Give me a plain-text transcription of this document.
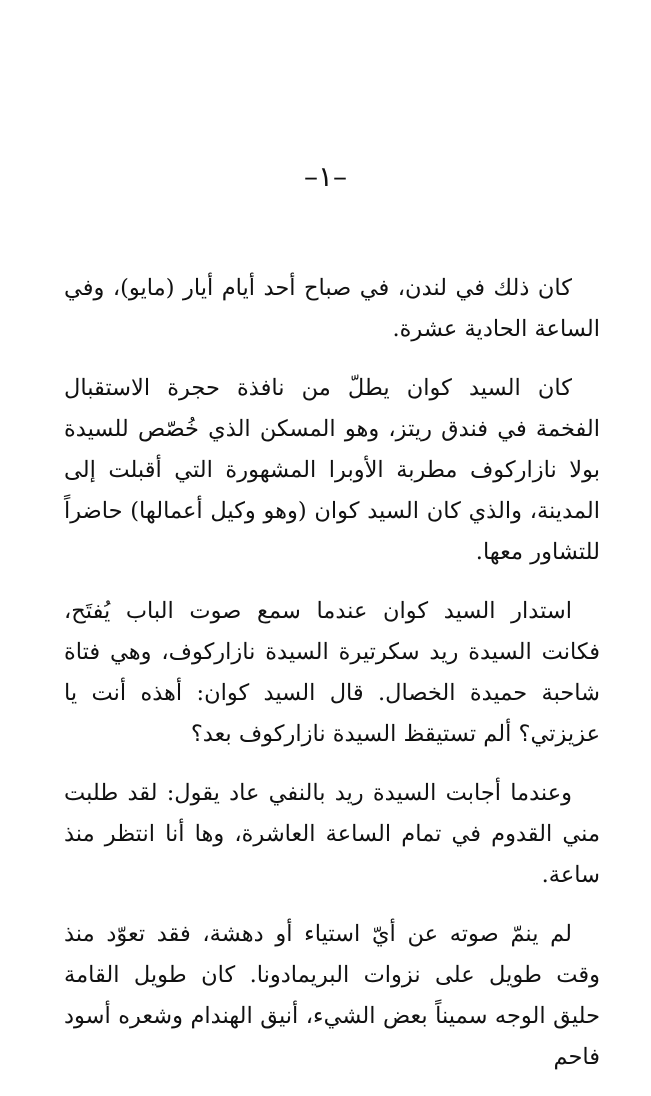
–١–

كان ذلك في لندن، في صباح أحد أيام أيار (مايو)، وفي الساعة الحادية عشرة.

كان السيد كوان يطلّ من نافذة حجرة الاستقبال الفخمة في فندق ريتز، وهو المسكن الذي خُصّص للسيدة بولا نازاركوف مطربة الأوبرا المشهورة التي أقبلت إلى المدينة، والذي كان السيد كوان (وهو وكيل أعمالها) حاضراً للتشاور معها.

استدار السيد كوان عندما سمع صوت الباب يُفتَح، فكانت السيدة ريد سكرتيرة السيدة نازاركوف، وهي فتاة شاحبة حميدة الخصال. قال السيد كوان: أهذه أنت يا عزيزتي؟ ألم تستيقظ السيدة نازاركوف بعد؟

وعندما أجابت السيدة ريد بالنفي عاد يقول: لقد طلبت مني القدوم في تمام الساعة العاشرة، وها أنا انتظر منذ ساعة.

لم ينمّ صوته عن أيّ استياء أو دهشة، فقد تعوّد منذ وقت طويل على نزوات البريمادونا. كان طويل القامة حليق الوجه سميناً بعض الشيء، أنيق الهندام وشعره أسود فاحم
